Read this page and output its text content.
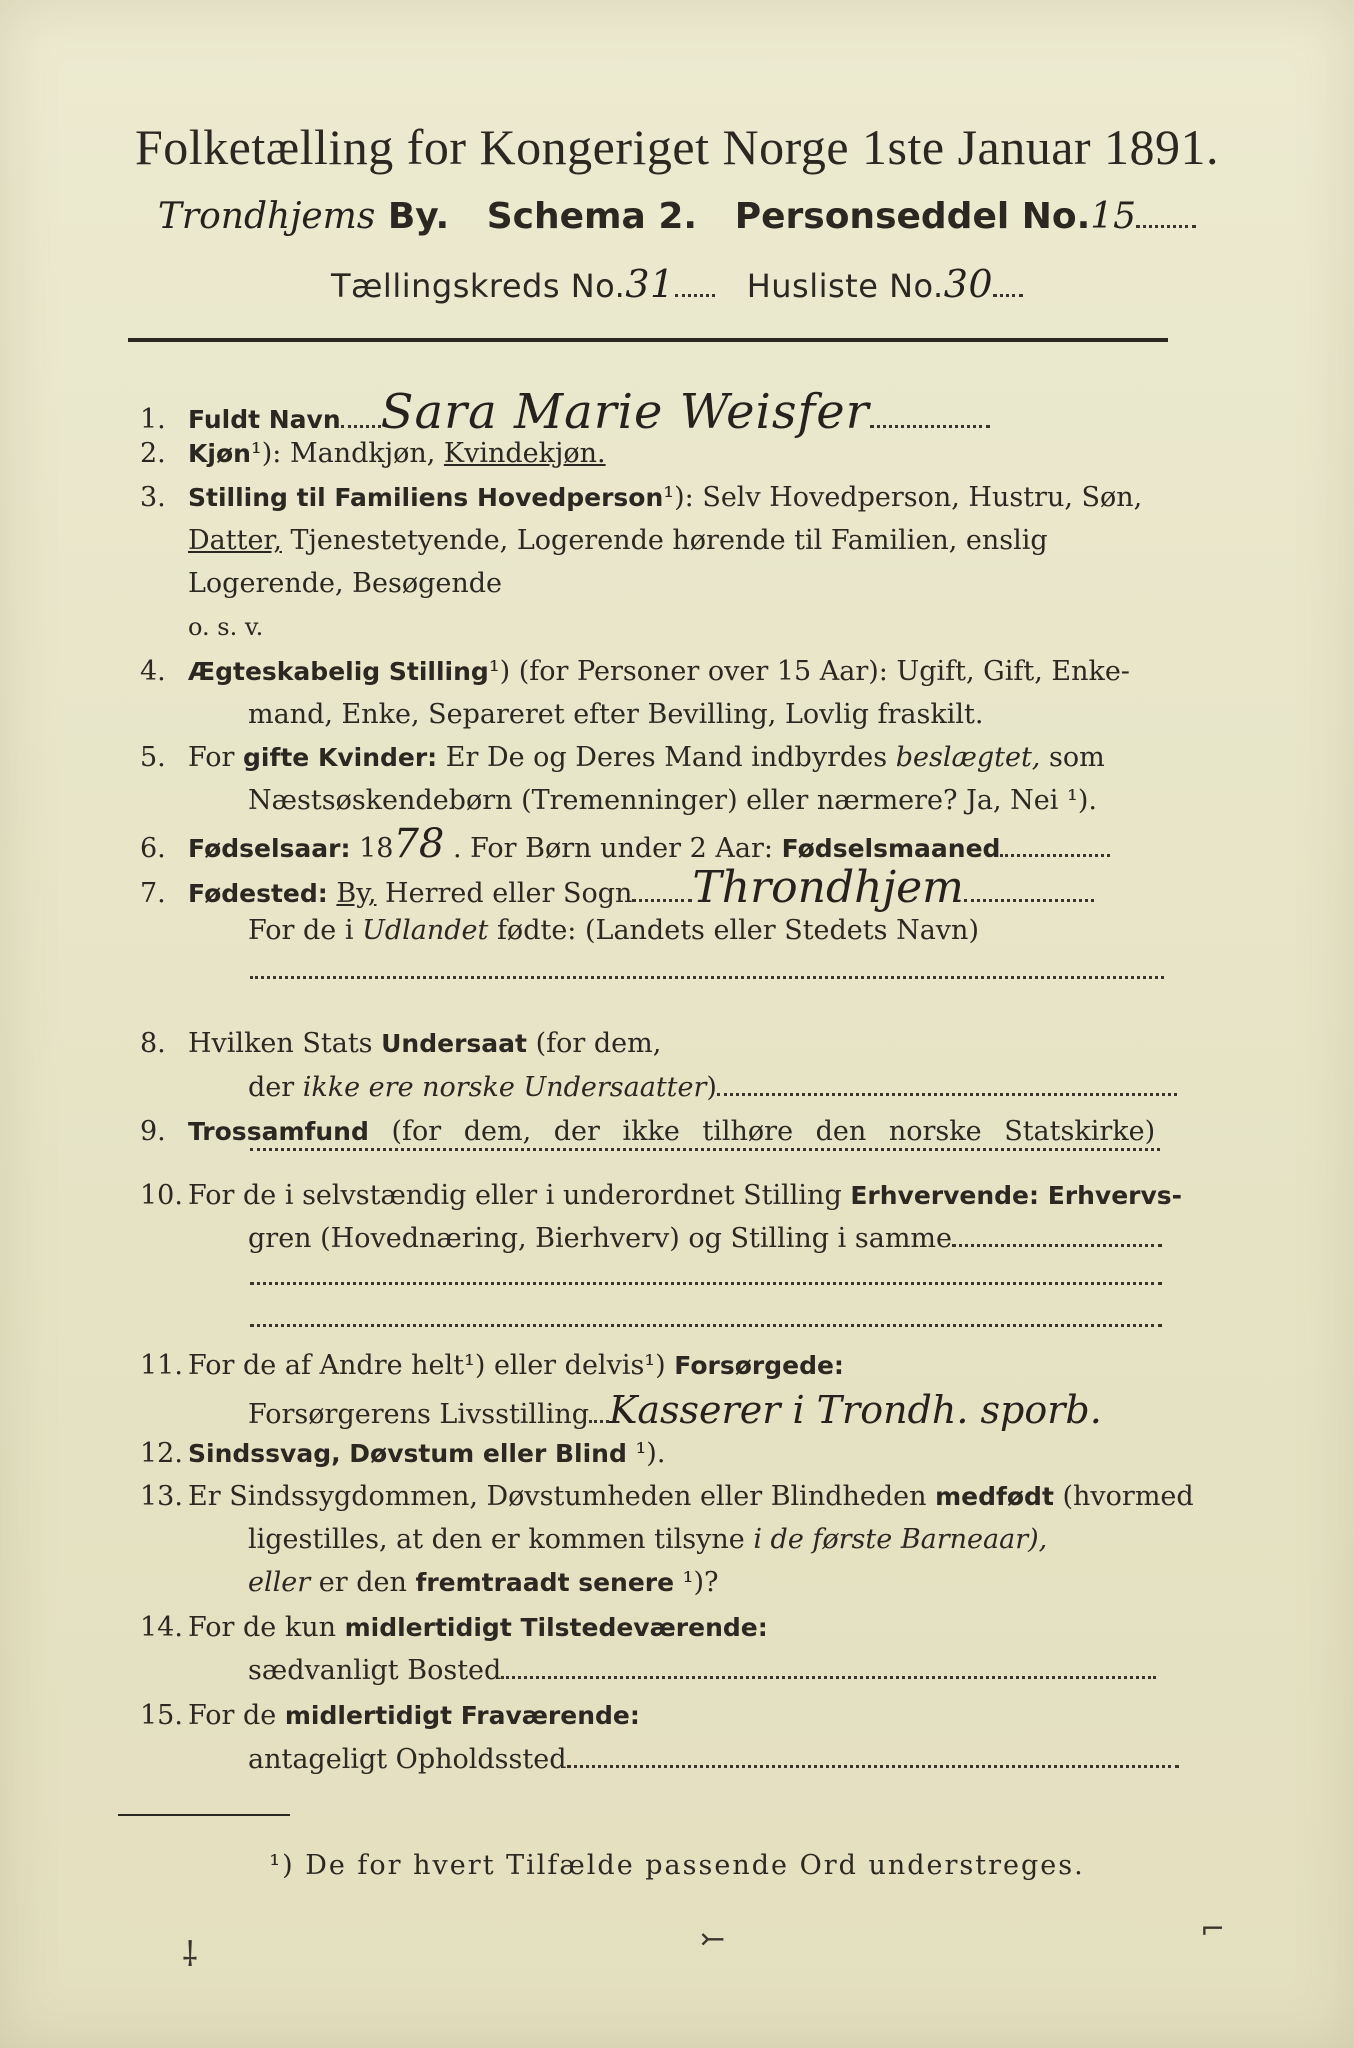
Folketælling for Kongeriget Norge 1ste Januar 1891.
Trondhjems By. Schema 2. Personseddel No.15
Tællingskreds No.31 Husliste No.30
1. Fuldt Navn Sara Marie Weisfer
2. Kjøn¹): Mandkjøn, Kvindekjøn.
3. Stilling til Familiens Hovedperson¹): Selv Hovedperson, Hustru, Søn,
Datter, Tjenestetyende, Logerende hørende til Familien, enslig
Logerende, Besøgende
o. s. v.
4. Ægteskabelig Stilling¹) (for Personer over 15 Aar): Ugift, Gift, Enke-
mand, Enke, Separeret efter Bevilling, Lovlig fraskilt.
5. For gifte Kvinder: Er De og Deres Mand indbyrdes beslægtet, som
Næstsøskendebørn (Tremenninger) eller nærmere? Ja, Nei ¹).
6. Fødselsaar: 1878 . For Børn under 2 Aar: Fødselsmaaned
7. Fødested: By, Herred eller Sogn Throndhjem
For de i Udlandet fødte: (Landets eller Stedets Navn)
8. Hvilken Stats Undersaat (for dem,
der ikke ere norske Undersaatter)
9. Trossamfund (for dem, der ikke tilhøre den norske Statskirke)
10. For de i selvstændig eller i underordnet Stilling Erhvervende: Erhvervs-
gren (Hovednæring, Bierhverv) og Stilling i samme
11. For de af Andre helt¹) eller delvis¹) Forsørgede:
Forsørgerens Livsstilling Kasserer i Trondh. sporb.
12. Sindssvag, Døvstum eller Blind ¹).
13. Er Sindssygdommen, Døvstumheden eller Blindheden medfødt (hvormed
ligestilles, at den er kommen tilsyne i de første Barneaar),
eller er den fremtraadt senere ¹)?
14. For de kun midlertidigt Tilstedeværende:
sædvanligt Bosted
15. For de midlertidigt Fraværende:
antageligt Opholdssted
¹) De for hvert Tilfælde passende Ord understreges.
⸸	⤚	⌐
